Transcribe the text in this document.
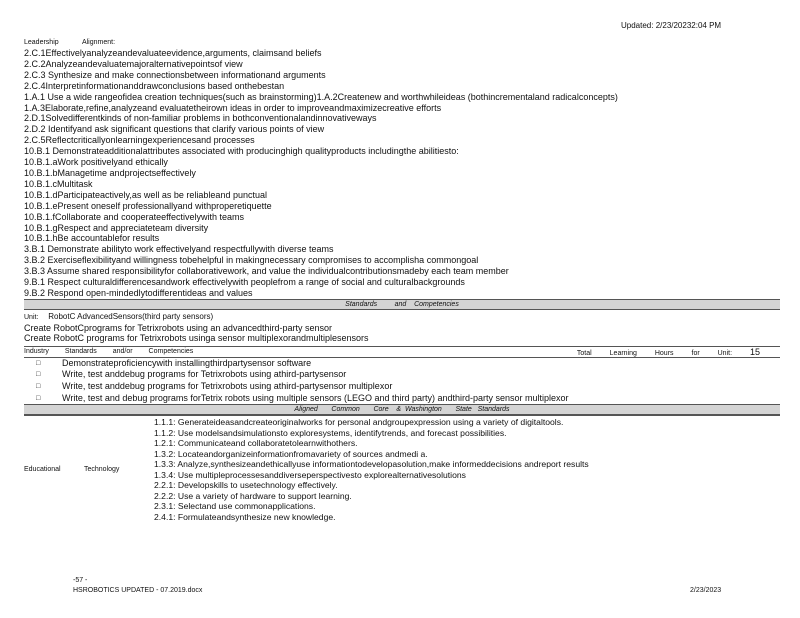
Updated: 2/23/20232:04 PM
Leadership	Alignment:
2.C.1Effectivelyanalyzeandevaluateevidence,arguments, claimsand beliefs
2.C.2Analyzeandevaluatemajoralternativepointsof view
2.C.3 Synthesize and make connectionsbetween informationand arguments
2.C.4Interpretinformationanddrawconclusions based onthebestan
1.A.1 Use a wide rangeofidea creation techniques(such as brainstorming)1.A.2Createnew and worthwhileideas (bothincrementaland radicalconcepts)
1.A.3Elaborate,refine,analyzeand evaluatetheirown ideas in order to improveandmaximizecreative efforts
2.D.1Solvedifferentkinds of non-familiar problems in bothconventionalandinnovativeways
2.D.2 Identifyand ask significant questions that clarify various points of view
2.C.5Reflectcriticallyonlearningexperiencesand processes
10.B.1 Demonstrateadditionalattributes associated with producinghigh qualityproducts includingthe abilitiesto:
10.B.1.aWork positivelyand ethically
10.B.1.bManagetime andprojectseffectively
10.B.1.cMultitask
10.B.1.dParticipateactively,as well as be reliableand punctual
10.B.1.ePresent oneself professionallyand withproperetiquette
10.B.1.fCollaborate and cooperateeffectivelywith teams
10.B.1.gRespect and appreciateteam diversity
10.B.1.hBe accountablefor results
3.B.1 Demonstrate abilityto work effectivelyand respectfullywith diverse teams
3.B.2 Exerciseflexibilityand willingness tobehelpful in makingnecessary compromises to accomplisha commongoal
3.B.3 Assume shared responsibilityfor collaborativework, and value the individualcontributionsmadeby each team member
9.B.1 Respect culturaldifferencesandwork effectivelywith peoplefrom a range of social and culturalbackgrounds
9.B.2 Respond open-mindedlytodifferentideas and values
Standards	and Competencies
Unit: RobotC AdvancedSensors(third party sensors)
Create RobotCprograms for Tetrixrobots using an advancedthird-party sensor
Create RobotC programs for Tetrixrobots usinga sensor multiplexorandmultiplesensors
Industry Standards and/or Competencies	Total	Learning	Hours	for	Unit: 15
□	Demonstrateproficiencywith installingthirdpartysensor software
□	Write, test anddebug programs for Tetrixrobots using athird-partysensor
□	Write, test anddebug programs for Tetrixrobots using athird-partysensor multiplexor
□	Write, test and debug programs forTetrix robots using multiple sensors (LEGO and third party) andthird-party sensor multiplexor
Aligned Common Core & Washington State Standards
Educational	Technology
1.1.1: Generateideasandcreateoriginalworks for personal andgroupexpression using a variety of digitaltools.
1.1.2: Use modelsandsimulationsto exploresystems, identifytrends, and forecast possibilities.
1.2.1: Communicateand collaboratetolearnwithothers.
1.3.2: Locateandorganizeinformationfromavariety of sources andmedi a.
1.3.3: Analyze,synthesizeandethicallyuse informationtodevelopasolution,make informeddecisions andreport results
1.3.4: Use multipleprocessesanddiverseperspectivesto explorealternativesolutions
2.2.1: Developskills to usetechnology effectively.
2.2.2: Use a variety of hardware to support learning.
2.3.1: Selectand use commonapplications.
2.4.1: Formulateandsynthesize new knowledge.
-57 -
HSROBOTICS UPDATED - 07.2019.docx	2/23/2023
